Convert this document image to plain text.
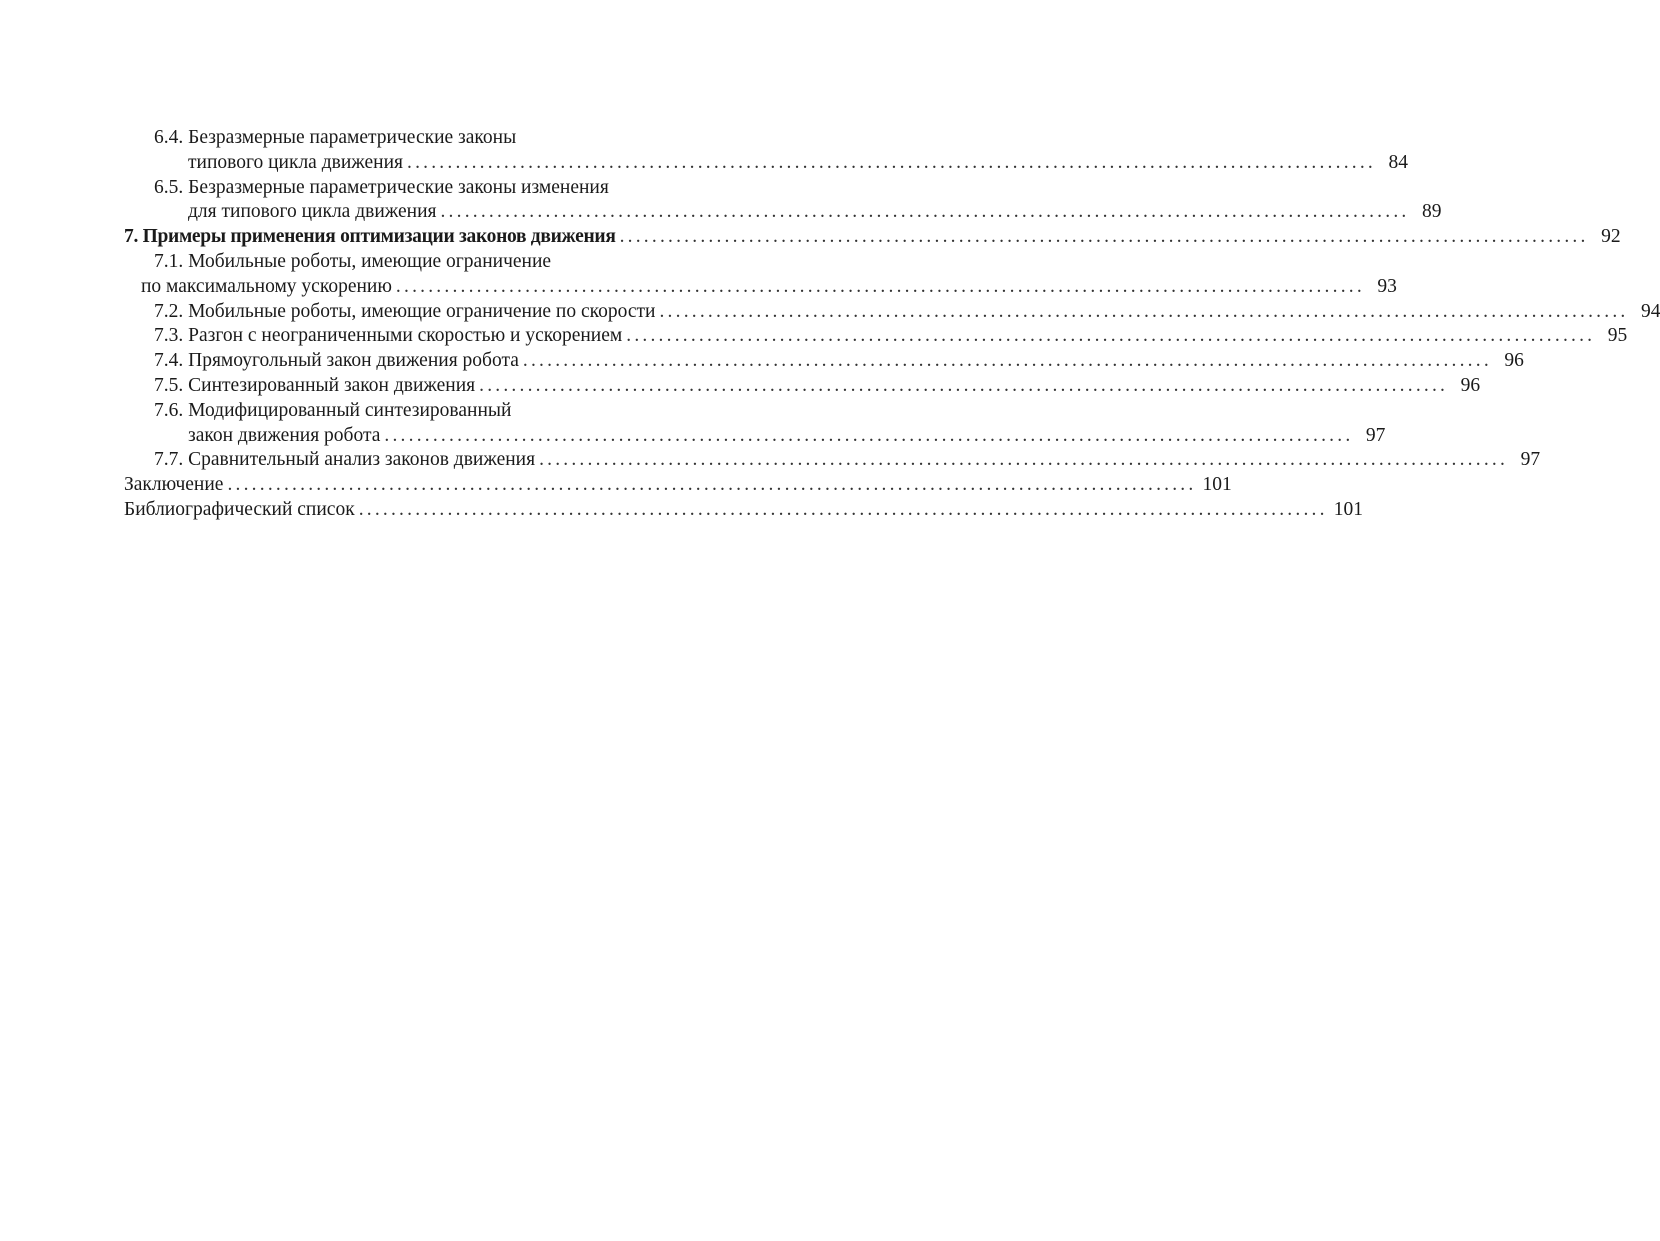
6.4. Безразмерные параметрические законы
типового цикла движения ........................................................................................................................ 84
6.5. Безразмерные параметрические законы изменения
для типового цикла движения ........................................................................................................................ 89
7. Примеры применения оптимизации законов движения ........................................................................................................................ 92
7.1. Мобильные роботы, имеющие ограничение
по максимальному ускорению ........................................................................................................................ 93
7.2. Мобильные роботы, имеющие ограничение по скорости ........................................................................................................................ 94
7.3. Разгон с неограниченными скоростью и ускорением ........................................................................................................................ 95
7.4. Прямоугольный закон движения робота ........................................................................................................................ 96
7.5. Синтезированный закон движения ........................................................................................................................ 96
7.6. Модифицированный синтезированный
закон движения робота ........................................................................................................................ 97
7.7. Сравнительный анализ законов движения ........................................................................................................................ 97
Заключение ........................................................................................................................ 101
Библиографический список ........................................................................................................................ 101
